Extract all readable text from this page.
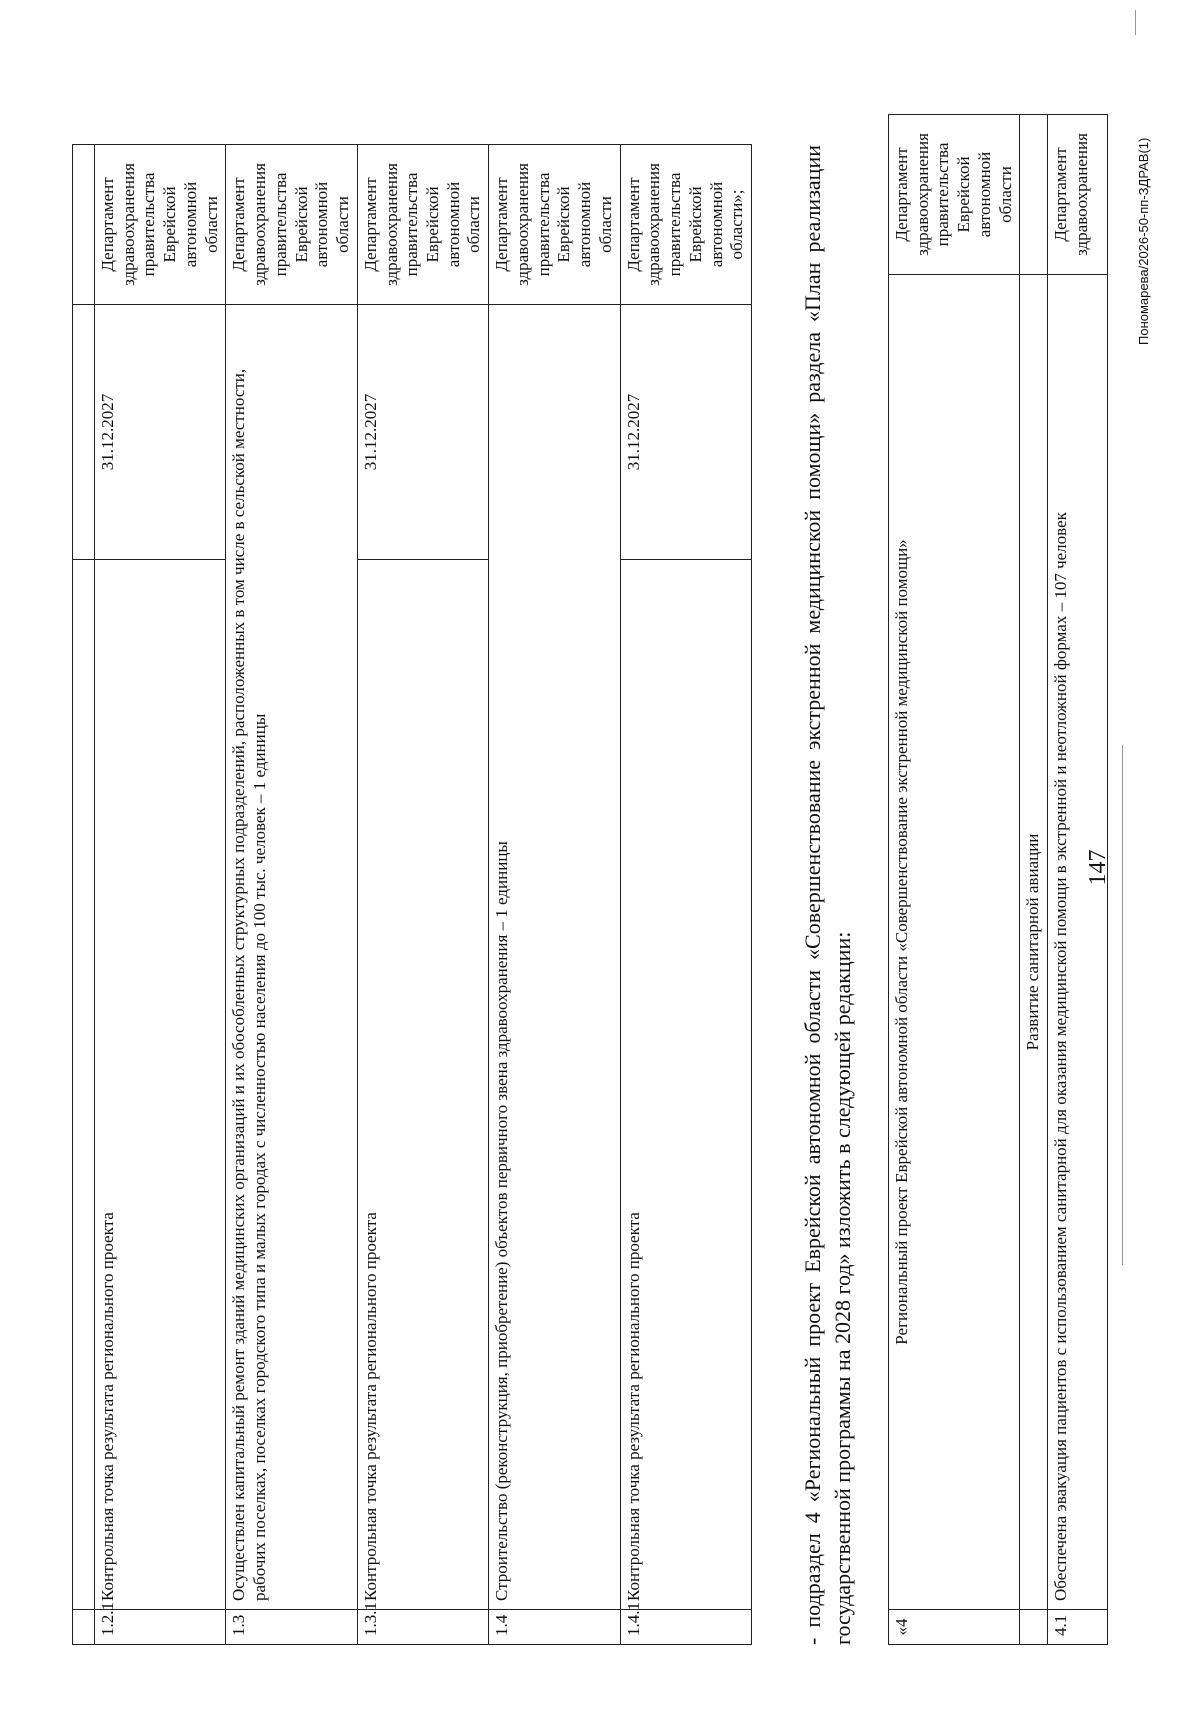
147

1.2.1	Контрольная точка результата регионального проекта	31.12.2027	Департамент здравоохранения правительства Еврейской автономной области
1.3	Осуществлен капитальный ремонт зданий медицинских организаций и их обособленных структурных подразделений, расположенных в том числе в сельской местности, рабочих поселках, поселках городского типа и малых городах с численностью населения до 100 тыс. человек – 1 единицы		Департамент здравоохранения правительства Еврейской автономной области
1.3.1	Контрольная точка результата регионального проекта	31.12.2027	Департамент здравоохранения правительства Еврейской автономной области
1.4	Строительство (реконструкция, приобретение) объектов первичного звена здравоохранения – 1 единицы		Департамент здравоохранения правительства Еврейской автономной области
1.4.1	Контрольная точка результата регионального проекта	31.12.2027	Департамент здравоохранения правительства Еврейской автономной области»; - подраздел 4 «Региональный проект Еврейской автономной области «Совершенствование экстренной медицинской помощи» раздела «План реализации государственной программы на 2028 год» изложить в следующей редакции: «4	Региональный проект Еврейской автономной области «Совершенствование экстренной медицинской помощи»	Департамент здравоохранения правительства Еврейской автономной области
	Развитие санитарной авиации	
4.1	Обеспечена эвакуация пациентов с использованием санитарной для оказания медицинской помощи в экстренной и неотложной формах – 107 человек	Департамент здравоохранения	Пономарева/2026-50-пп-ЗДРАВ(1)
